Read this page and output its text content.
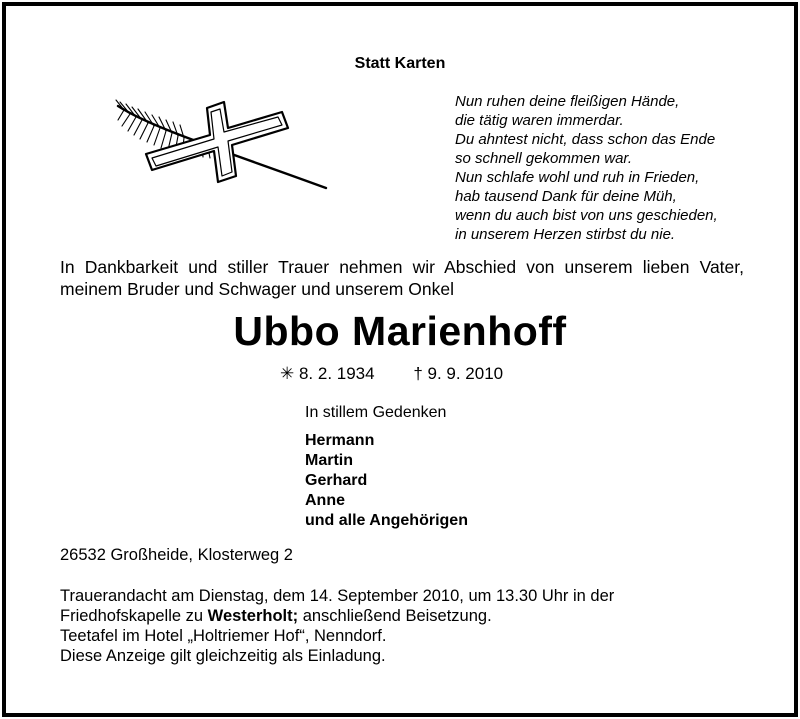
Statt Karten
Nun ruhen deine fleißigen Hände,
die tätig waren immerdar.
Du ahntest nicht, dass schon das Ende
so schnell gekommen war.
Nun schlafe wohl und ruh in Frieden,
hab tausend Dank für deine Müh,
wenn du auch bist von uns geschieden,
in unserem Herzen stirbst du nie.
In Dankbarkeit und stiller Trauer nehmen wir Abschied von unserem lieben Vater,
meinem Bruder und Schwager und unserem Onkel
Ubbo Marienhoff
✳ 8. 2. 1934 † 9. 9. 2010
In stillem Gedenken
Hermann
Martin
Gerhard
Anne
und alle Angehörigen
26532 Großheide, Klosterweg 2
Trauerandacht am Dienstag, dem 14. September 2010, um 13.30 Uhr in der
Friedhofskapelle zu Westerholt; anschließend Beisetzung.
Teetafel im Hotel „Holtriemer Hof“, Nenndorf.
Diese Anzeige gilt gleichzeitig als Einladung.
